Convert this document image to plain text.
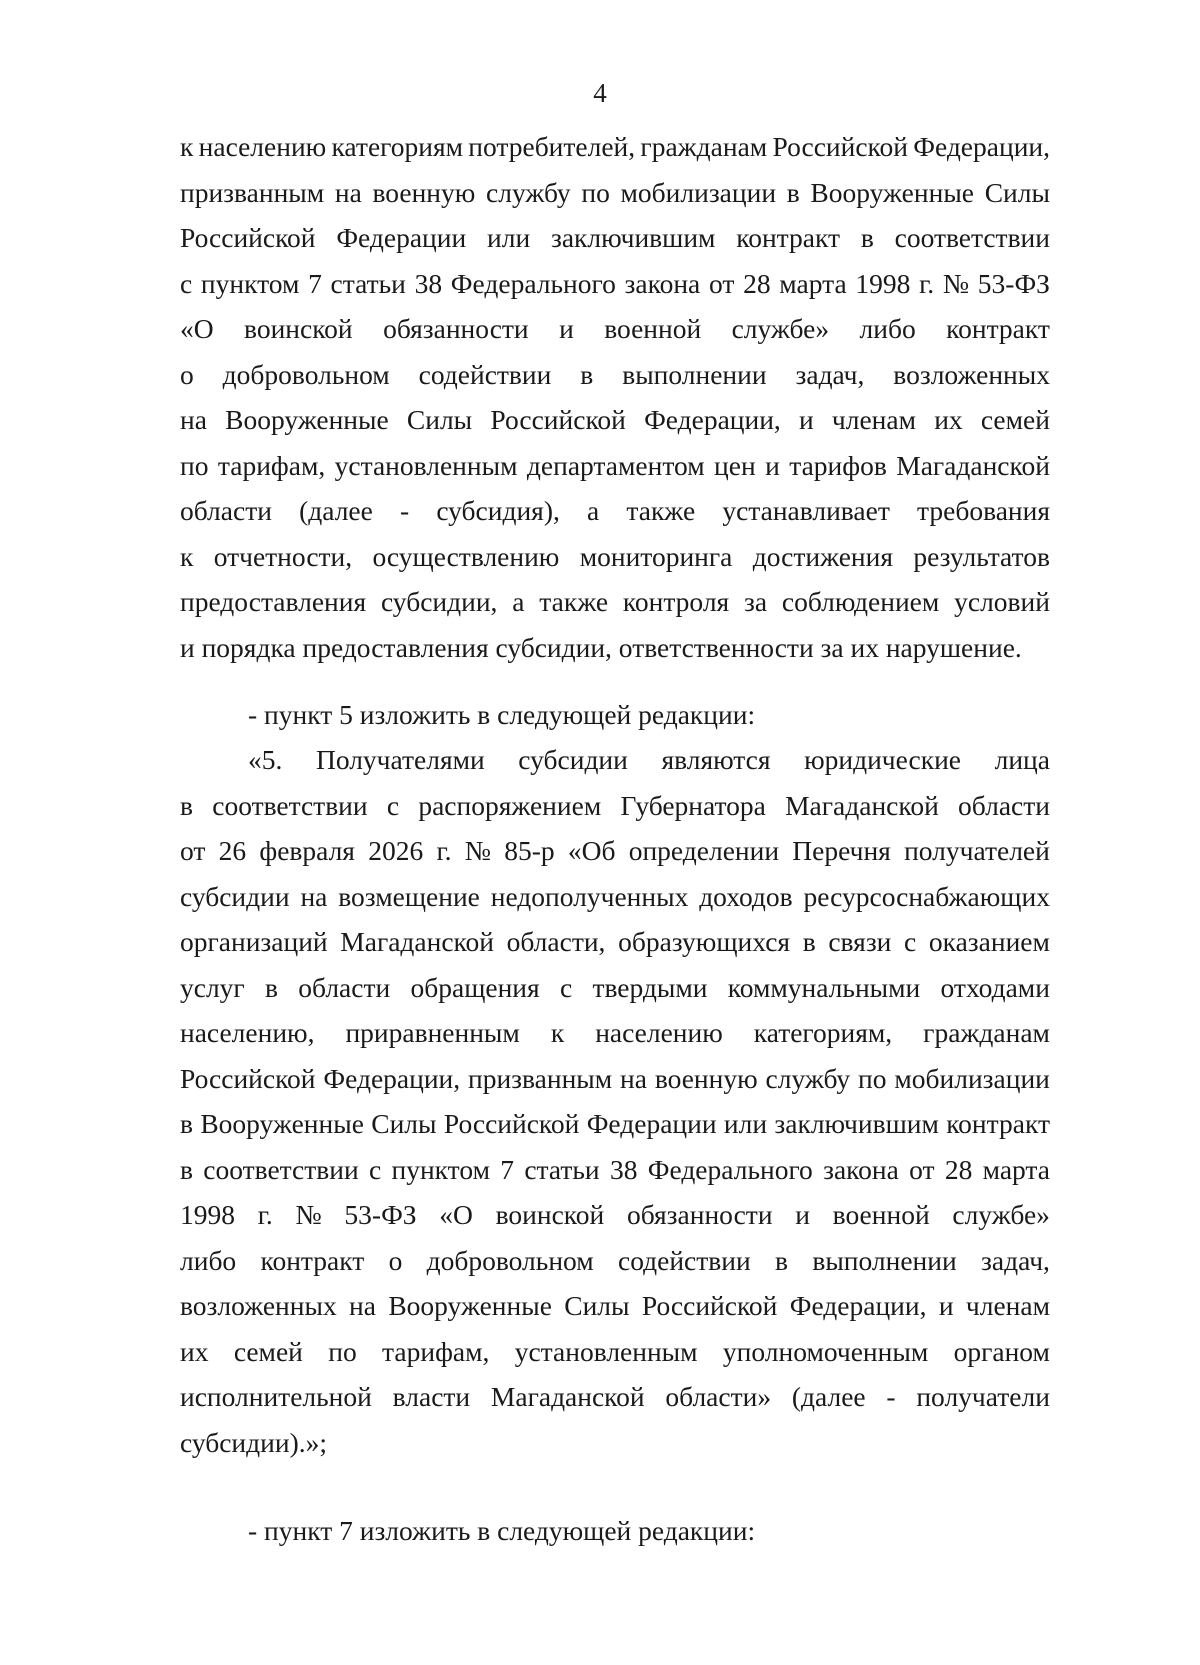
4
к населению категориям потребителей, гражданам Российской Федерации,
призванным на военную службу по мобилизации в Вооруженные Силы
Российской Федерации или заключившим контракт в соответствии
с пунктом 7 статьи 38 Федерального закона от 28 марта 1998 г. № 53-ФЗ
«О воинской обязанности и военной службе» либо контракт
о добровольном содействии в выполнении задач, возложенных
на Вооруженные Силы Российской Федерации, и членам их семей
по тарифам, установленным департаментом цен и тарифов Магаданской
области (далее - субсидия), а также устанавливает требования
к отчетности, осуществлению мониторинга достижения результатов
предоставления субсидии, а также контроля за соблюдением условий
и порядка предоставления субсидии, ответственности за их нарушение.
- пункт 5 изложить в следующей редакции:
«5. Получателями субсидии являются юридические лица
в соответствии с распоряжением Губернатора Магаданской области
от 26 февраля 2026 г. № 85-р «Об определении Перечня получателей
субсидии на возмещение недополученных доходов ресурсоснабжающих
организаций Магаданской области, образующихся в связи с оказанием
услуг в области обращения с твердыми коммунальными отходами
населению, приравненным к населению категориям, гражданам
Российской Федерации, призванным на военную службу по мобилизации
в Вооруженные Силы Российской Федерации или заключившим контракт
в соответствии с пунктом 7 статьи 38 Федерального закона от 28 марта
1998 г. № 53-ФЗ «О воинской обязанности и военной службе»
либо контракт о добровольном содействии в выполнении задач,
возложенных на Вооруженные Силы Российской Федерации, и членам
их семей по тарифам, установленным уполномоченным органом
исполнительной власти Магаданской области» (далее - получатели
субсидии).»;
- пункт 7 изложить в следующей редакции:
